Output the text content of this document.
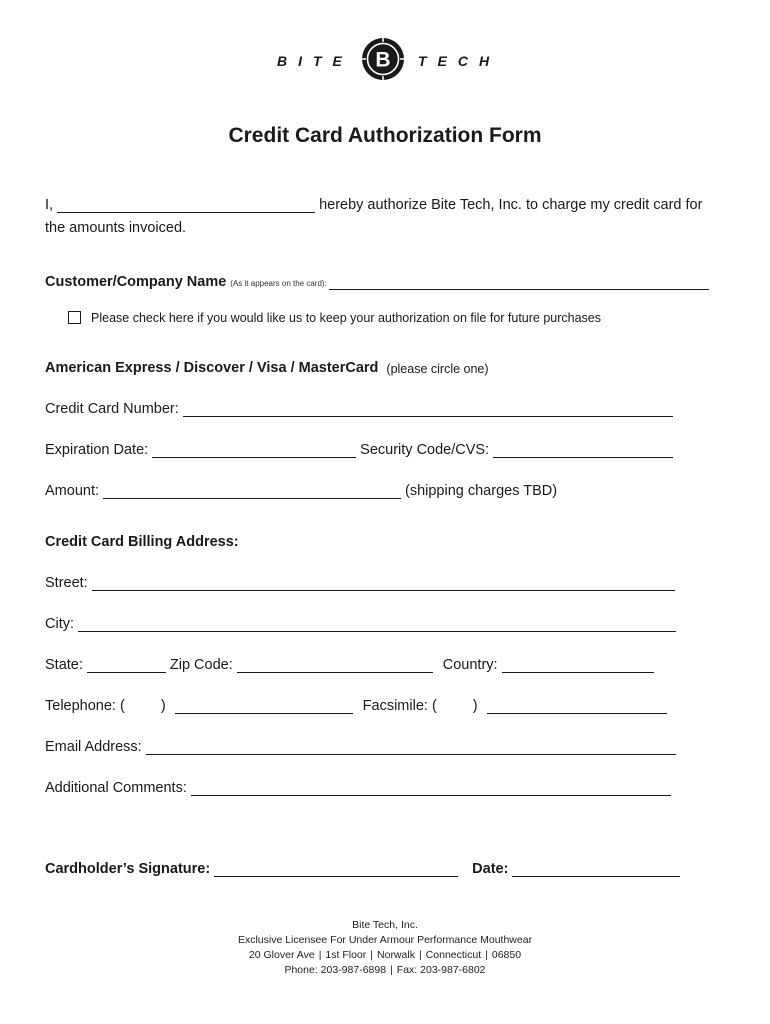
BITE B TECH
Credit Card Authorization Form
I,	hereby authorize Bite Tech, Inc. to charge my credit card for
the amounts invoiced.
Customer/Company Name (As it appears on the card):
Please check here if you would like us to keep your authorization on file for future purchases
American Express / Discover / Visa / MasterCard (please circle one)
Credit Card Number:
Expiration Date:	Security Code/CVS:
Amount:	(shipping charges TBD)
Credit Card Billing Address:
Street:
City:
State:	Zip Code:	Country:
Telephone: ( )	Facsimile: ( )
Email Address:
Additional Comments:
Cardholder’s Signature:	Date:
Bite Tech, Inc.
Exclusive Licensee For Under Armour Performance Mouthwear
20 Glover Ave | 1st Floor | Norwalk | Connecticut | 06850
Phone: 203-987-6898 | Fax: 203-987-6802
